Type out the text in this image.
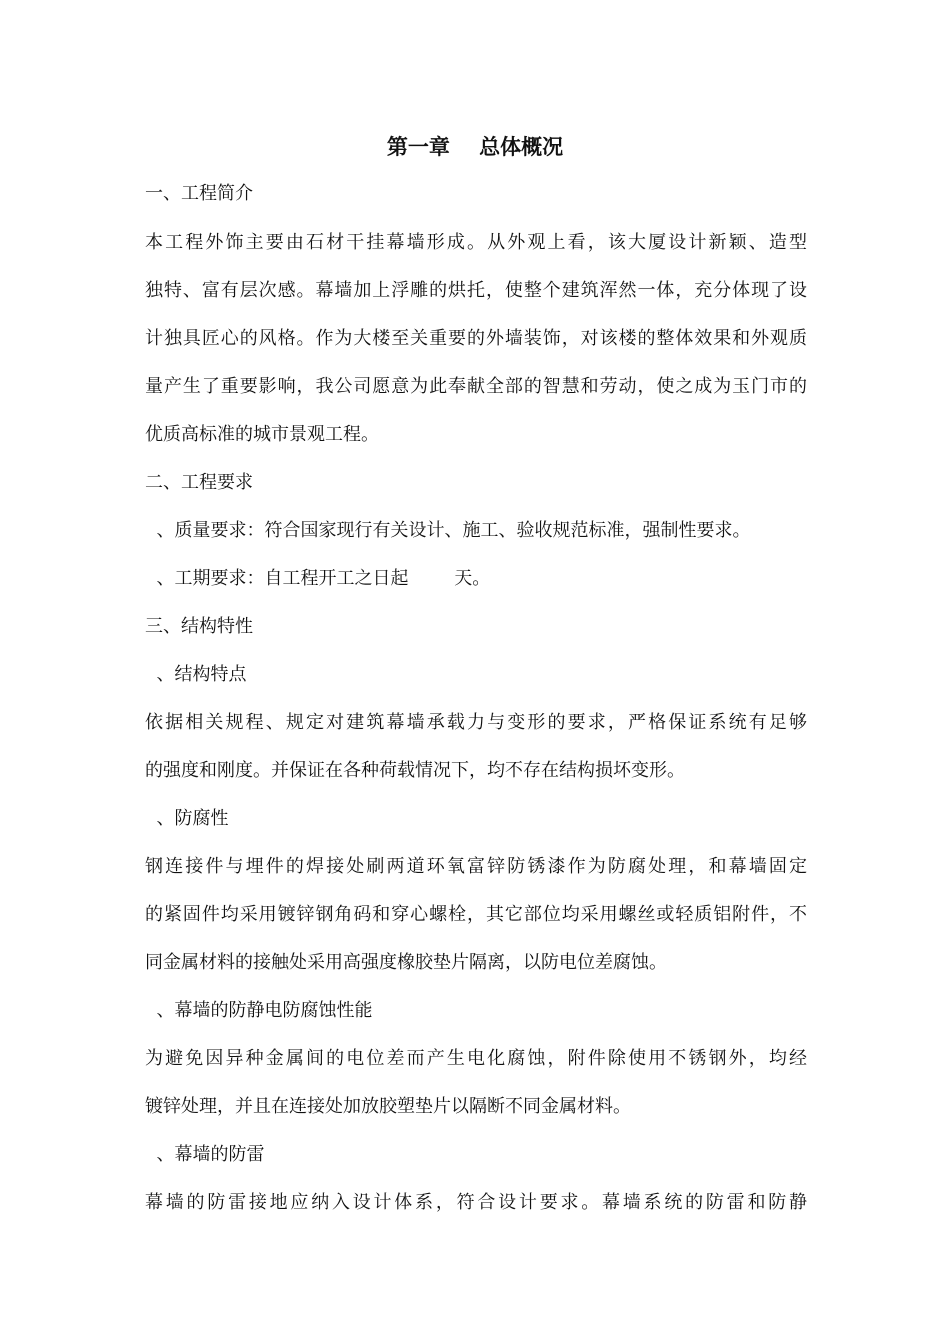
第一章    总体概况
一、工程简介
本工程外饰主要由石材干挂幕墙形成。从外观上看，该大厦设计新颖、造型
独特、富有层次感。幕墙加上浮雕的烘托，使整个建筑浑然一体，充分体现了设
计独具匠心的风格。作为大楼至关重要的外墙装饰，对该楼的整体效果和外观质
量产生了重要影响，我公司愿意为此奉献全部的智慧和劳动，使之成为玉门市的
优质高标准的城市景观工程。
二、工程要求
、质量要求：符合国家现行有关设计、施工、验收规范标准，强制性要求。
、工期要求：自工程开工之日起        天。
三、结构特性
、结构特点
依据相关规程、规定对建筑幕墙承载力与变形的要求，严格保证系统有足够
的强度和刚度。并保证在各种荷载情况下，均不存在结构损坏变形。
、防腐性
钢连接件与埋件的焊接处刷两道环氧富锌防锈漆作为防腐处理，和幕墙固定
的紧固件均采用镀锌钢角码和穿心螺栓，其它部位均采用螺丝或轻质铝附件，不
同金属材料的接触处采用高强度橡胶垫片隔离，以防电位差腐蚀。
、幕墙的防静电防腐蚀性能
为避免因异种金属间的电位差而产生电化腐蚀，附件除使用不锈钢外，均经
镀锌处理，并且在连接处加放胶塑垫片以隔断不同金属材料。
、幕墙的防雷
幕墙的防雷接地应纳入设计体系，符合设计要求。幕墙系统的防雷和防静
